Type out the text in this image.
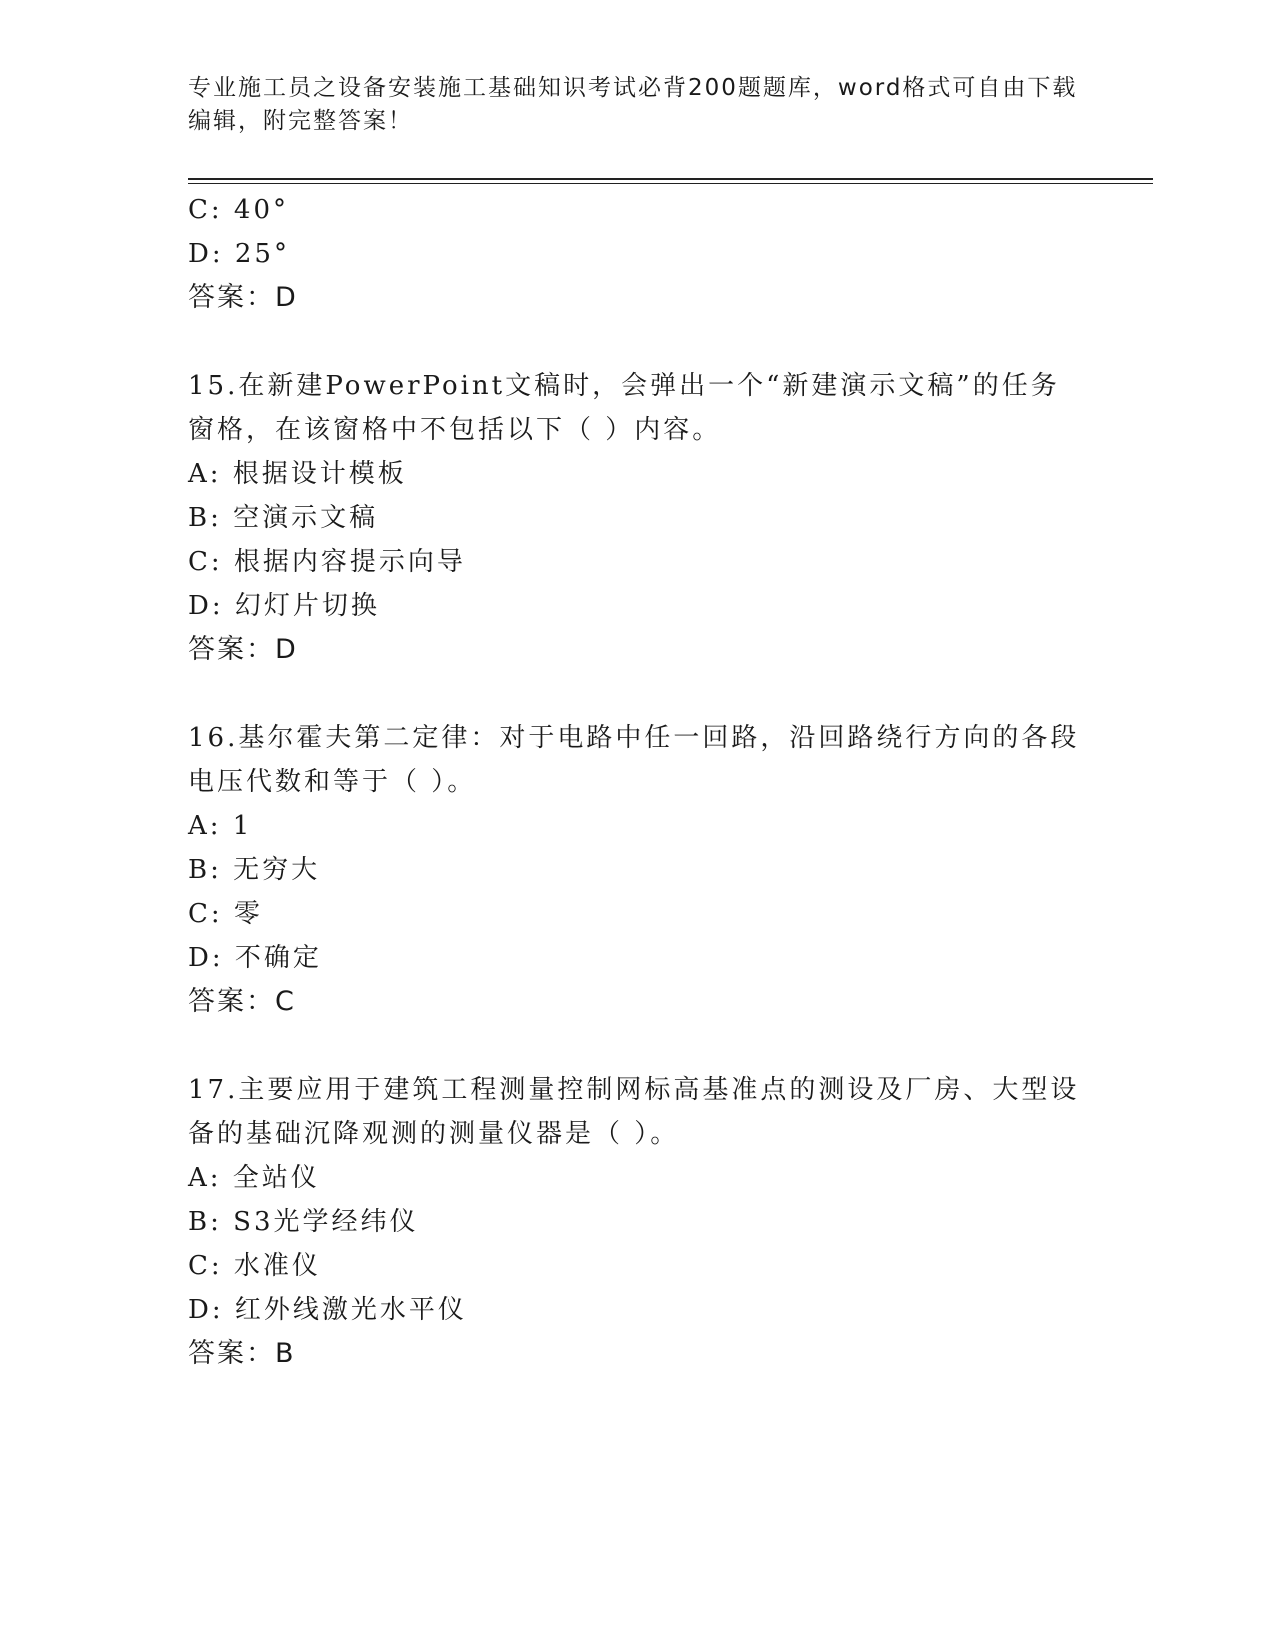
专业施工员之设备安装施工基础知识考试必背200题题库，word格式可自由下载
编辑，附完整答案！
C: 40°
D: 25°
答案：D
15.在新建PowerPoint文稿时，会弹出一个“新建演示文稿”的任务
窗格，在该窗格中不包括以下（ ）内容。
A: 根据设计模板
B: 空演示文稿
C: 根据内容提示向导
D: 幻灯片切换
答案：D
16.基尔霍夫第二定律：对于电路中任一回路，沿回路绕行方向的各段
电压代数和等于（ ）。
A: 1
B: 无穷大
C: 零
D: 不确定
答案：C
17.主要应用于建筑工程测量控制网标高基准点的测设及厂房、大型设
备的基础沉降观测的测量仪器是（ ）。
A: 全站仪
B: S3光学经纬仪
C: 水准仪
D: 红外线激光水平仪
答案：B
